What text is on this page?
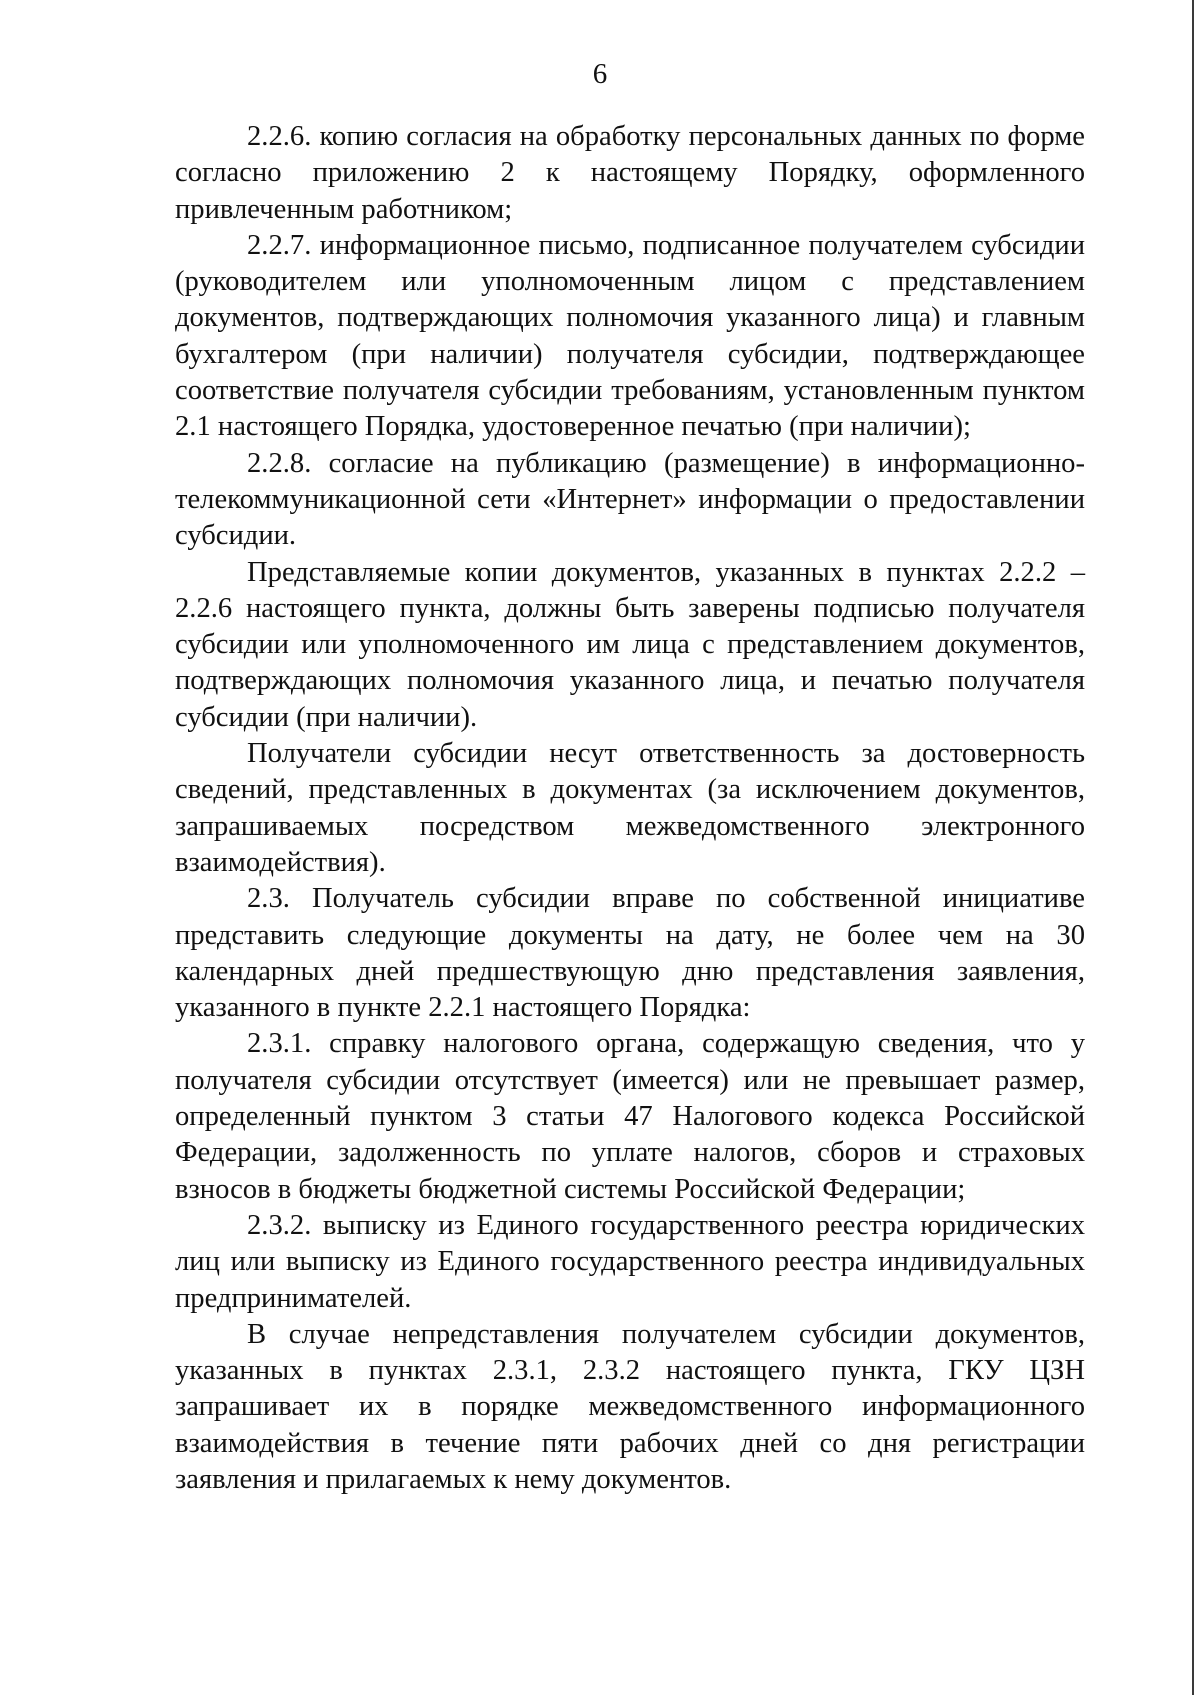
6

2.2.6. копию согласия на обработку персональных данных по форме согласно приложению 2 к настоящему Порядку, оформленного привлеченным работником;

2.2.7. информационное письмо, подписанное получателем субсидии (руководителем или уполномоченным лицом с представлением документов, подтверждающих полномочия указанного лица) и главным бухгалтером (при наличии) получателя субсидии, подтверждающее соответствие получателя субсидии требованиям, установленным пунктом 2.1 настоящего Порядка, удостоверенное печатью (при наличии);

2.2.8. согласие на публикацию (размещение) в информационно-телекоммуникационной сети «Интернет» информации о предоставлении субсидии.

Представляемые копии документов, указанных в пунктах 2.2.2 – 2.2.6 настоящего пункта, должны быть заверены подписью получателя субсидии или уполномоченного им лица с представлением документов, подтверждающих полномочия указанного лица, и печатью получателя субсидии (при наличии).

Получатели субсидии несут ответственность за достоверность сведений, представленных в документах (за исключением документов, запрашиваемых посредством межведомственного электронного взаимодействия).

2.3. Получатель субсидии вправе по собственной инициативе представить следующие документы на дату, не более чем на 30 календарных дней предшествующую дню представления заявления, указанного в пункте 2.2.1 настоящего Порядка:

2.3.1. справку налогового органа, содержащую сведения, что у получателя субсидии отсутствует (имеется) или не превышает размер, определенный пунктом 3 статьи 47 Налогового кодекса Российской Федерации, задолженность по уплате налогов, сборов и страховых взносов в бюджеты бюджетной системы Российской Федерации;

2.3.2. выписку из Единого государственного реестра юридических лиц или выписку из Единого государственного реестра индивидуальных предпринимателей.

В случае непредставления получателем субсидии документов, указанных в пунктах 2.3.1, 2.3.2 настоящего пункта, ГКУ ЦЗН запрашивает их в порядке межведомственного информационного взаимодействия в течение пяти рабочих дней со дня регистрации заявления и прилагаемых к нему документов.
